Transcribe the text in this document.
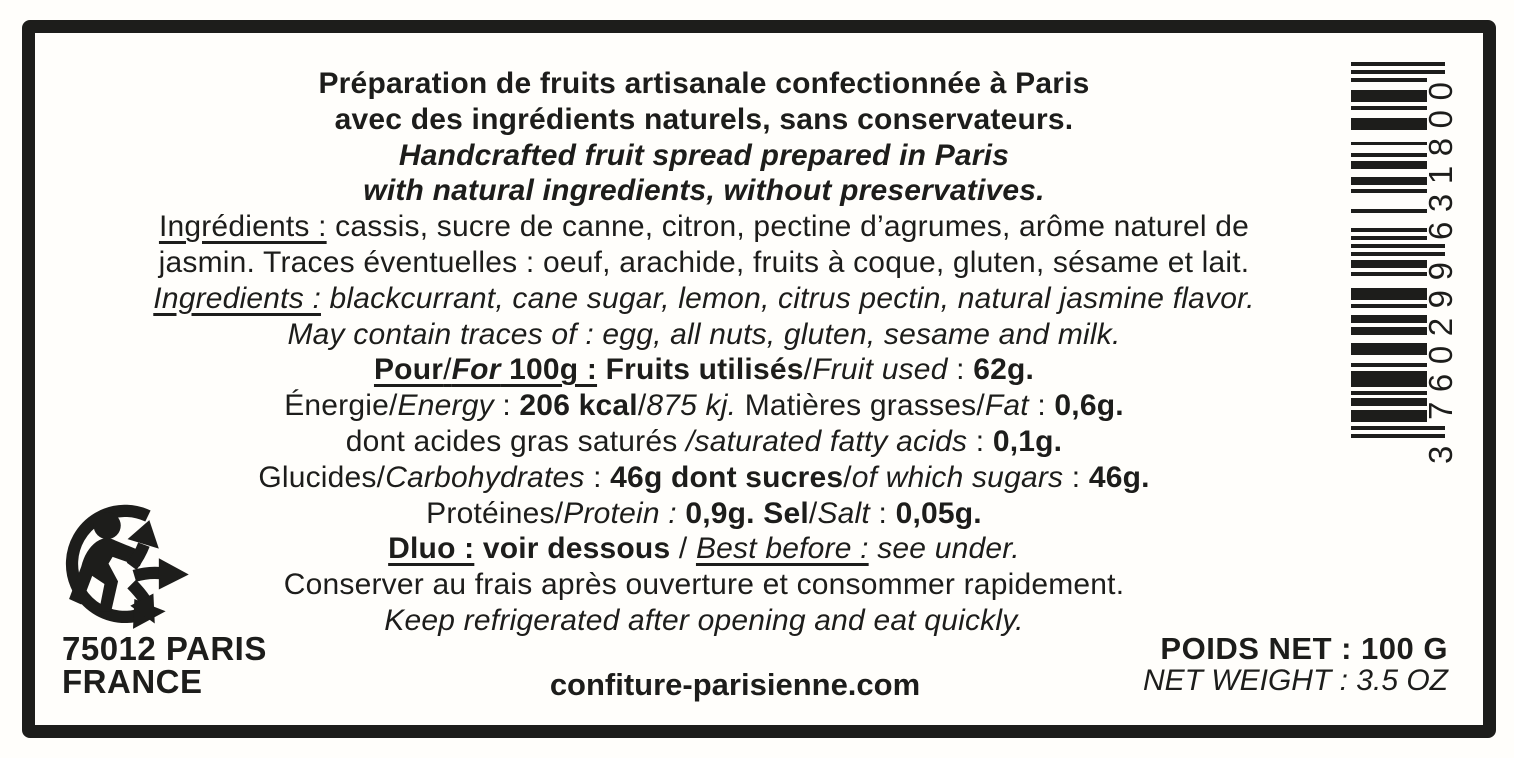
Préparation de fruits artisanale confectionnée à Paris
avec des ingrédients naturels, sans conservateurs.
Handcrafted fruit spread prepared in Paris
with natural ingredients, without preservatives.
Ingrédients : cassis, sucre de canne, citron, pectine d’agrumes, arôme naturel de
jasmin. Traces éventuelles : oeuf, arachide, fruits à coque, gluten, sésame et lait.
Ingredients : blackcurrant, cane sugar, lemon, citrus pectin, natural jasmine flavor.
May contain traces of : egg, all nuts, gluten, sesame and milk.
Pour/For 100g : Fruits utilisés/Fruit used : 62g.
Énergie/Energy : 206 kcal/875 kj. Matières grasses/Fat : 0,6g.
dont acides gras saturés /saturated fatty acids : 0,1g.
Glucides/Carbohydrates : 46g dont sucres/of which sugars : 46g.
Protéines/Protein : 0,9g. Sel/Salt : 0,05g.
Dluo : voir dessous / Best before : see under.
Conserver au frais après ouverture et consommer rapidement.
Keep refrigerated after opening and eat quickly.
75012 PARIS
FRANCE	confiture-parisienne.com
POIDS NET : 100 G
NET WEIGHT : 3.5 OZ
3
7
6
0
2
9
9
6
3
1
8
0
0
